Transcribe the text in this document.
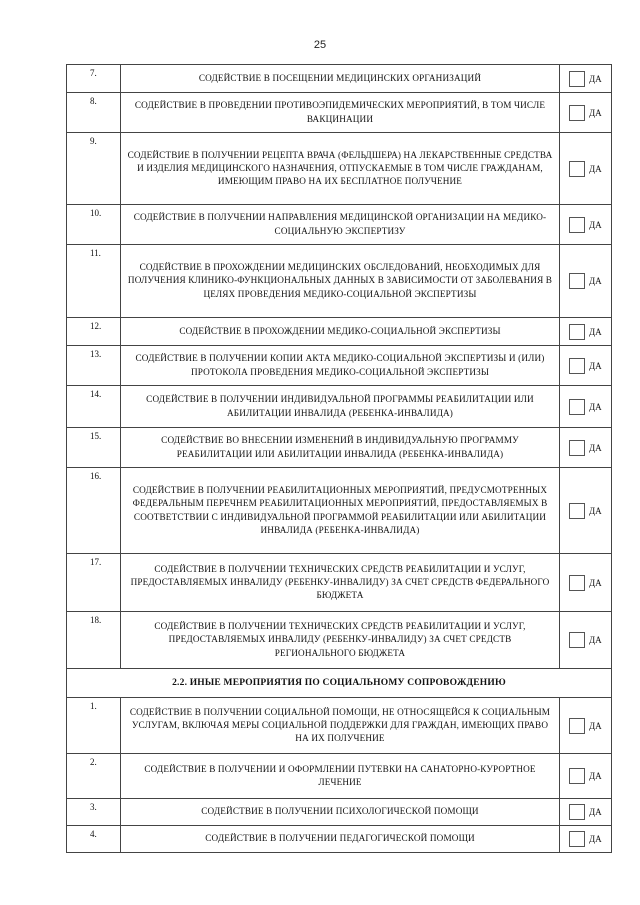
25
7.	СОДЕЙСТВИЕ В ПОСЕЩЕНИИ МЕДИЦИНСКИХ ОРГАНИЗАЦИЙ	ДА
8.	СОДЕЙСТВИЕ В ПРОВЕДЕНИИ ПРОТИВОЭПИДЕМИЧЕСКИХ МЕРОПРИЯТИЙ, В ТОМ ЧИСЛЕ ВАКЦИНАЦИИ	ДА
9.	СОДЕЙСТВИЕ В ПОЛУЧЕНИИ РЕЦЕПТА ВРАЧА (ФЕЛЬДШЕРА) НА ЛЕКАРСТВЕННЫЕ СРЕДСТВА И ИЗДЕЛИЯ МЕДИЦИНСКОГО НАЗНАЧЕНИЯ, ОТПУСКАЕМЫЕ В ТОМ ЧИСЛЕ ГРАЖДАНАМ, ИМЕЮЩИМ ПРАВО НА ИХ БЕСПЛАТНОЕ ПОЛУЧЕНИЕ	ДА
10.	СОДЕЙСТВИЕ В ПОЛУЧЕНИИ НАПРАВЛЕНИЯ МЕДИЦИНСКОЙ ОРГАНИЗАЦИИ НА МЕДИКО-СОЦИАЛЬНУЮ ЭКСПЕРТИЗУ	ДА
11.	СОДЕЙСТВИЕ В ПРОХОЖДЕНИИ МЕДИЦИНСКИХ ОБСЛЕДОВАНИЙ, НЕОБХОДИМЫХ ДЛЯ ПОЛУЧЕНИЯ КЛИНИКО-ФУНКЦИОНАЛЬНЫХ ДАННЫХ В ЗАВИСИМОСТИ ОТ ЗАБОЛЕВАНИЯ В ЦЕЛЯХ ПРОВЕДЕНИЯ МЕДИКО-СОЦИАЛЬНОЙ ЭКСПЕРТИЗЫ	ДА
12.	СОДЕЙСТВИЕ В ПРОХОЖДЕНИИ МЕДИКО-СОЦИАЛЬНОЙ ЭКСПЕРТИЗЫ	ДА
13.	СОДЕЙСТВИЕ В ПОЛУЧЕНИИ КОПИИ АКТА МЕДИКО-СОЦИАЛЬНОЙ ЭКСПЕРТИЗЫ И (ИЛИ) ПРОТОКОЛА ПРОВЕДЕНИЯ МЕДИКО-СОЦИАЛЬНОЙ ЭКСПЕРТИЗЫ	ДА
14.	СОДЕЙСТВИЕ В ПОЛУЧЕНИИ ИНДИВИДУАЛЬНОЙ ПРОГРАММЫ РЕАБИЛИТАЦИИ ИЛИ АБИЛИТАЦИИ ИНВАЛИДА (РЕБЕНКА-ИНВАЛИДА)	ДА
15.	СОДЕЙСТВИЕ ВО ВНЕСЕНИИ ИЗМЕНЕНИЙ В ИНДИВИДУАЛЬНУЮ ПРОГРАММУ РЕАБИЛИТАЦИИ ИЛИ АБИЛИТАЦИИ ИНВАЛИДА (РЕБЕНКА-ИНВАЛИДА)	ДА
16.	СОДЕЙСТВИЕ В ПОЛУЧЕНИИ РЕАБИЛИТАЦИОННЫХ МЕРОПРИЯТИЙ, ПРЕДУСМОТРЕННЫХ ФЕДЕРАЛЬНЫМ ПЕРЕЧНЕМ РЕАБИЛИТАЦИОННЫХ МЕРОПРИЯТИЙ, ПРЕДОСТАВЛЯЕМЫХ В СООТВЕТСТВИИ С ИНДИВИДУАЛЬНОЙ ПРОГРАММОЙ РЕАБИЛИТАЦИИ ИЛИ АБИЛИТАЦИИ ИНВАЛИДА (РЕБЕНКА-ИНВАЛИДА)	ДА
17.	СОДЕЙСТВИЕ В ПОЛУЧЕНИИ ТЕХНИЧЕСКИХ СРЕДСТВ РЕАБИЛИТАЦИИ И УСЛУГ, ПРЕДОСТАВЛЯЕМЫХ ИНВАЛИДУ (РЕБЕНКУ-ИНВАЛИДУ) ЗА СЧЕТ СРЕДСТВ ФЕДЕРАЛЬНОГО БЮДЖЕТА	ДА
18.	СОДЕЙСТВИЕ В ПОЛУЧЕНИИ ТЕХНИЧЕСКИХ СРЕДСТВ РЕАБИЛИТАЦИИ И УСЛУГ, ПРЕДОСТАВЛЯЕМЫХ ИНВАЛИДУ (РЕБЕНКУ-ИНВАЛИДУ) ЗА СЧЕТ СРЕДСТВ РЕГИОНАЛЬНОГО БЮДЖЕТА	ДА
2.2. ИНЫЕ МЕРОПРИЯТИЯ ПО СОЦИАЛЬНОМУ СОПРОВОЖДЕНИЮ		
1.	СОДЕЙСТВИЕ В ПОЛУЧЕНИИ СОЦИАЛЬНОЙ ПОМОЩИ, НЕ ОТНОСЯЩЕЙСЯ К СОЦИАЛЬНЫМ УСЛУГАМ, ВКЛЮЧАЯ МЕРЫ СОЦИАЛЬНОЙ ПОДДЕРЖКИ ДЛЯ ГРАЖДАН, ИМЕЮЩИХ ПРАВО НА ИХ ПОЛУЧЕНИЕ	ДА
2.	СОДЕЙСТВИЕ В ПОЛУЧЕНИИ И ОФОРМЛЕНИИ ПУТЕВКИ НА САНАТОРНО-КУРОРТНОЕ ЛЕЧЕНИЕ	ДА
3.	СОДЕЙСТВИЕ В ПОЛУЧЕНИИ ПСИХОЛОГИЧЕСКОЙ ПОМОЩИ	ДА
4.	СОДЕЙСТВИЕ В ПОЛУЧЕНИИ ПЕДАГОГИЧЕСКОЙ ПОМОЩИ	ДА
